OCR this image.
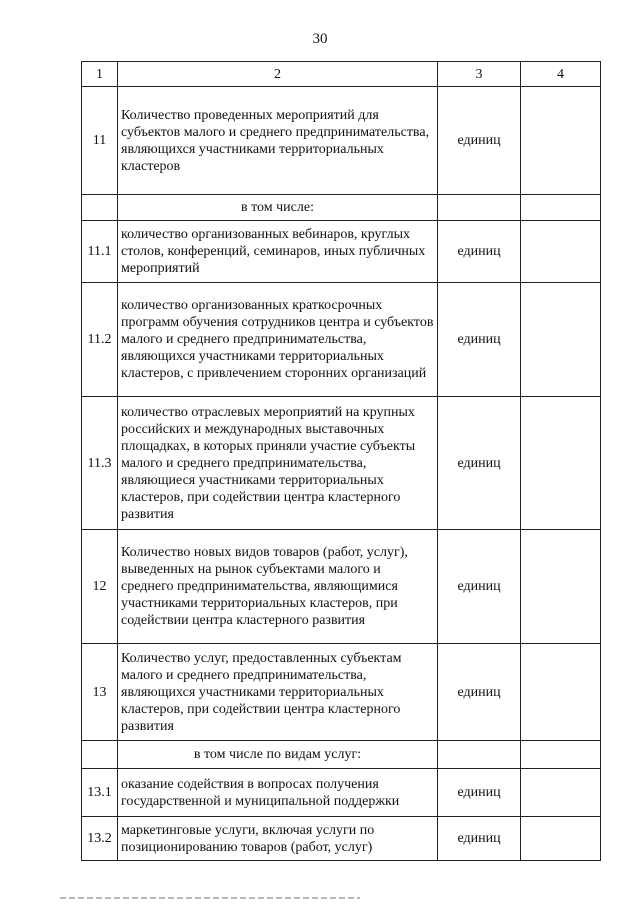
30
1	2	3	4
11	Количество проведенных мероприятий для субъектов малого и среднего предпринимательства, являющихся участниками территориальных кластеров	единиц	
	в том числе:		
11.1	количество организованных вебинаров, круглых столов, конференций, семинаров, иных публичных мероприятий	единиц	
11.2	количество организованных краткосрочных программ обучения сотрудников центра и субъектов малого и среднего предпринимательства, являющихся участниками территориальных кластеров, с привлечением сторонних организаций	единиц	
11.3	количество отраслевых мероприятий на крупных российских и международных выставочных площадках, в которых приняли участие субъекты малого и среднего предпринимательства, являющиеся участниками территориальных кластеров, при содействии центра кластерного развития	единиц	
12	Количество новых видов товаров (работ, услуг), выведенных на рынок субъектами малого и среднего предпринимательства, являющимися участниками территориальных кластеров, при содействии центра кластерного развития	единиц	
13	Количество услуг, предоставленных субъектам малого и среднего предпринимательства, являющихся участниками территориальных кластеров, при содействии центра кластерного развития	единиц	
	в том числе по видам услуг:		
13.1	оказание содействия в вопросах получения государственной и муниципальной поддержки	единиц	
13.2	маркетинговые услуги, включая услуги по позиционированию товаров (работ, услуг)	единиц	
